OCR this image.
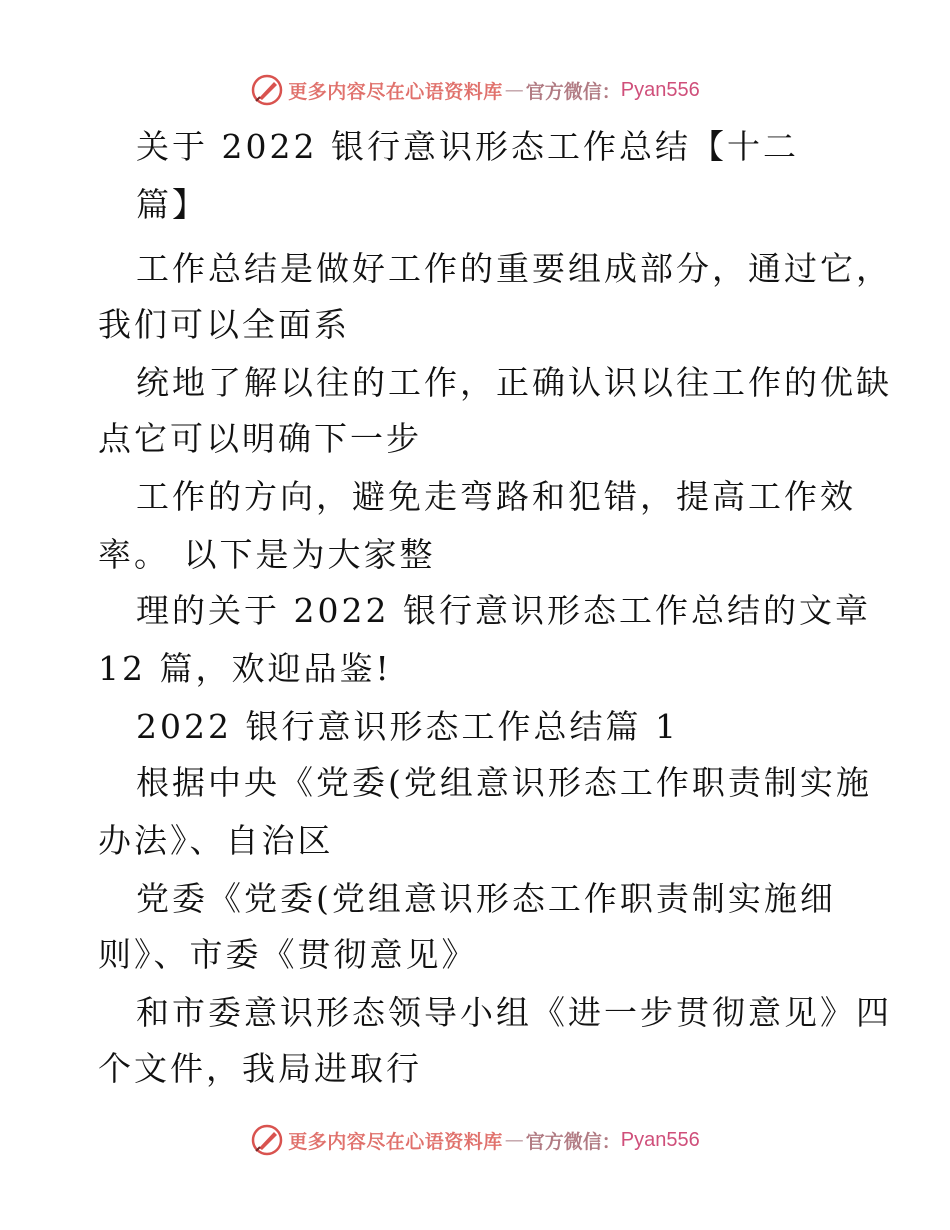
更多内容尽在心语资料库 — 官方微信： Pyan556
关于 2022 银行意识形态工作总结【十二
篇】
工作总结是做好工作的重要组成部分，通过它，
我们可以全面系
统地了解以往的工作，正确认识以往工作的优缺
点它可以明确下一步
工作的方向，避免走弯路和犯错，提高工作效
率。 以下是为大家整
理的关于 2022 银行意识形态工作总结的文章
12 篇，欢迎品鉴!
2022 银行意识形态工作总结篇 1
根据中央《党委(党组意识形态工作职责制实施
办法》、自治区
党委《党委(党组意识形态工作职责制实施细
则》、市委《贯彻意见》
和市委意识形态领导小组《进一步贯彻意见》四
个文件，我局进取行
更多内容尽在心语资料库 — 官方微信： Pyan556
